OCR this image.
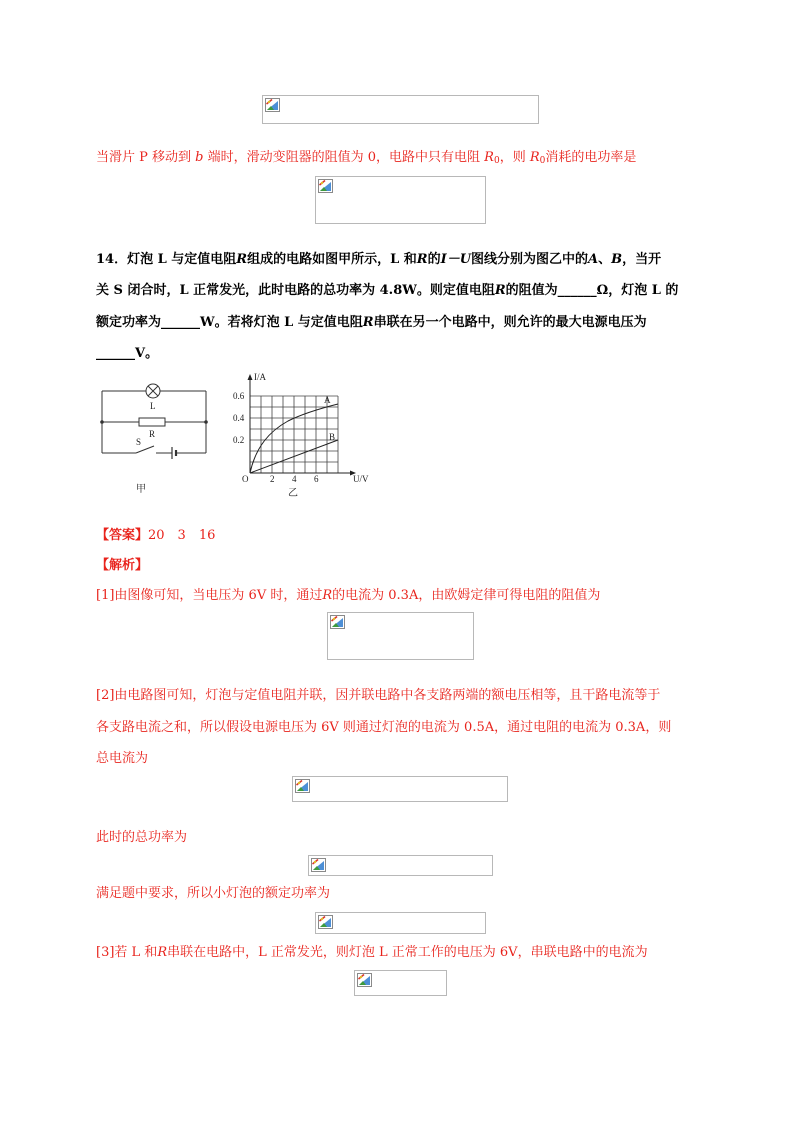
当滑片 P 移动到 b 端时，滑动变阻器的阻值为 0，电路中只有电阻 $R_0$，则 $R_0$消耗的电功率是
14．灯泡 L 与定值电阻R组成的电路如图甲所示，L 和R的I－U图线分别为图乙中的A、B，当开
关 S 闭合时，L 正常发光，此时电路的总功率为 4.8W。则定值电阻R的阻值为______Ω，灯泡 L 的
额定功率为______W。若将灯泡 L 与定值电阻R串联在另一个电路中，则允许的最大电源电压为
______V。
L
R
S
甲
I/A
0.6
0.4
0.2
O 2 4 6	U/V
A
B
乙
【答案】20　3　16
【解析】
[1]由图像可知，当电压为 6V 时，通过R的电流为 0.3A，由欧姆定律可得电阻的阻值为
[2]由电路图可知，灯泡与定值电阻并联，因并联电路中各支路两端的额电压相等，且干路电流等于
各支路电流之和，所以假设电源电压为 6V 则通过灯泡的电流为 0.5A，通过电阻的电流为 0.3A，则
总电流为
此时的总功率为
满足题中要求，所以小灯泡的额定功率为
[3]若 L 和R串联在电路中，L 正常发光，则灯泡 L 正常工作的电压为 6V，串联电路中的电流为
